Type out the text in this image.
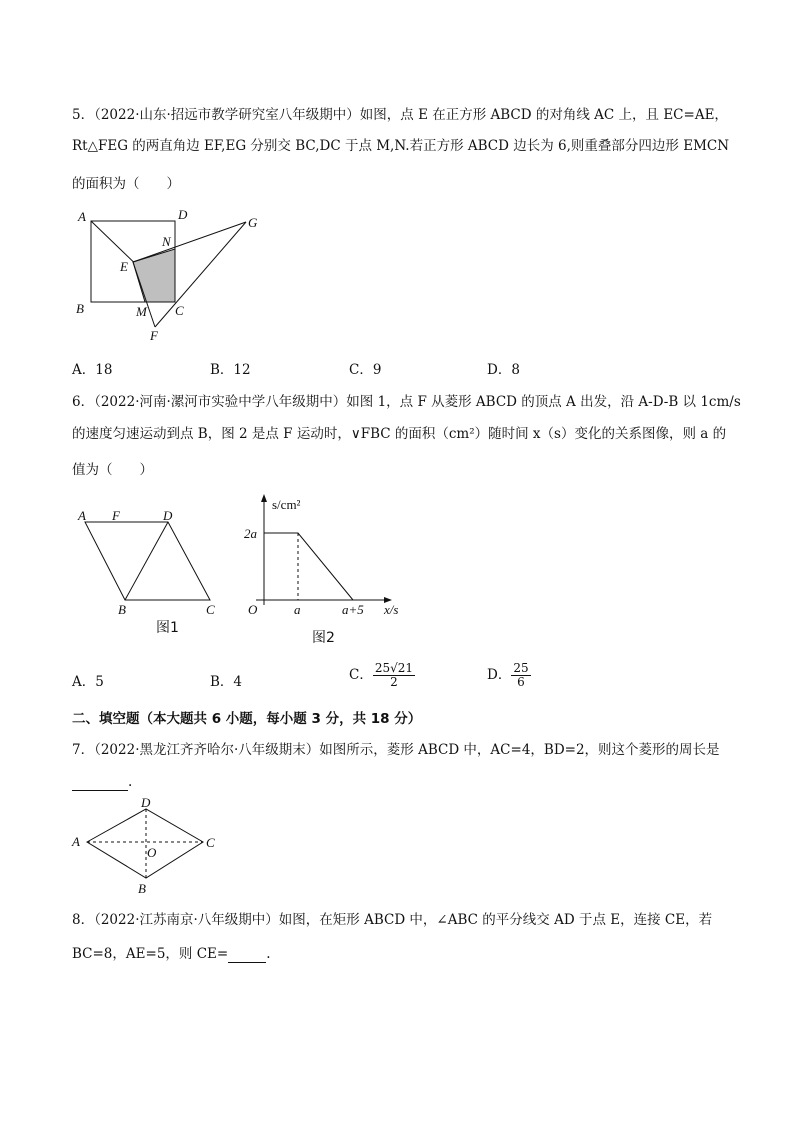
5．（2022·山东·招远市教学研究室八年级期中）如图，点 E 在正方形 ABCD 的对角线 AC 上，且 EC=AE，
Rt△FEG 的两直角边 EF,EG 分别交 BC,DC 于点 M,N.若正方形 ABCD 边长为 6,则重叠部分四边形 EMCN
的面积为（　　）
A	D
G
N
E
B	M C
F
A．18	B．12	C．9	D．8
6．（2022·河南·漯河市实验中学八年级期中）如图 1，点 F 从菱形 ABCD 的顶点 A 出发，沿 A-D-B 以 1cm/s
的速度匀速运动到点 B，图 2 是点 F 运动时，∨FBC 的面积（cm²）随时间 x（s）变化的关系图像，则 a 的
值为（　　）
A F	D
B	C
图1
s/cm²
2a
O	a	a+5 x/s
图2
A．5	B．4	C． $\frac{25√21}{2}$	D． $\frac{25}{6}$
二、填空题（本大题共 6 小题，每小题 3 分，共 18 分）
7．（2022·黑龙江齐齐哈尔·八年级期末）如图所示，菱形 ABCD 中，AC=4，BD=2，则这个菱形的周长是
.
A
D
C
O
B
8．（2022·江苏南京·八年级期中）如图，在矩形 ABCD 中，∠ABC 的平分线交 AD 于点 E，连接 CE，若
BC=8，AE=5，则 CE=	.
